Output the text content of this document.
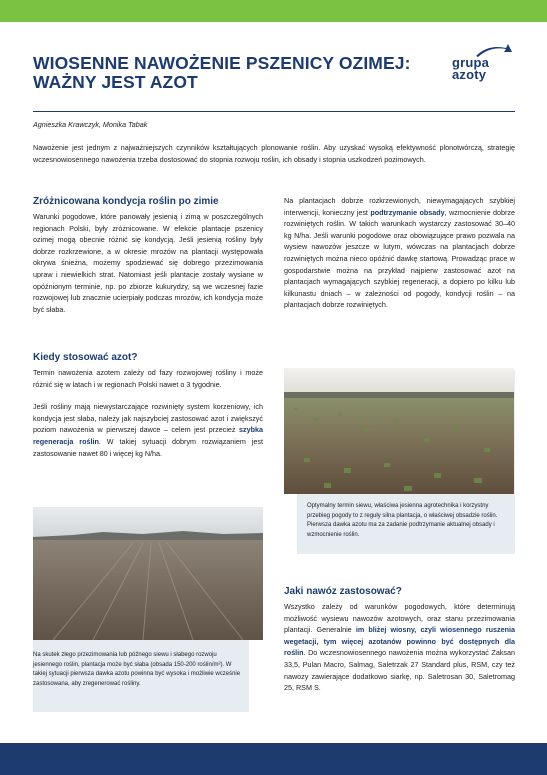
WIOSENNE NAWOŻENIE PSZENICY OZIMEJ:
WAŻNY JEST AZOT
grupa
azoty
Agnieszka Krawczyk, Monika Tabak

Nawożenie jest jednym z najważniejszych czynników kształtujących plonowanie roślin. Aby uzyskać wysoką efektywność plonotwórczą, strategię wczesnowiosennego nawożenia trzeba dostosować do stopnia rozwoju roślin, ich obsady i stopnia uszkodzeń pozimowych.

Zróżnicowana kondycja roślin po zimie

Warunki pogodowe, które panowały jesienią i zimą w poszczególnych regionach Polski, były zróżnicowane. W efekcie plantacje pszenicy ozimej mogą obecnie różnić się kondycją. Jeśli jesienią rośliny były dobrze rozkrzewione, a w okresie mrozów na plantacji występowała okrywa śnieżna, możemy spodziewać się dobrego przezimowania upraw i niewielkich strat. Natomiast jeśli plantacje zostały wysiane w opóźnionym terminie, np. po zbiorze kukurydzy, są we wczesnej fazie rozwojowej lub znacznie ucierpiały podczas mrozów, ich kondycja może być słaba.

Kiedy stosować azot?

Termin nawożenia azotem zależy od fazy rozwojowej rośliny i może różnić się w latach i w regionach Polski nawet o 3 tygodnie.

Jeśli rośliny mają niewystarczające rozwinięty system korzeniowy, ich kondycja jest słaba, należy jak najszybciej zastosować azot i zwiększyć poziom nawożenia w pierwszej dawce – celem jest przecież szybka regeneracja roślin. W takiej sytuacji dobrym rozwiązaniem jest zastosowanie nawet 80 i więcej kg N/ha.

Na plantacjach dobrze rozkrzewionych, niewymagających szybkiej interwencji, konieczny jest podtrzymanie obsady, wzmocnienie dobrze rozwiniętych roślin. W takich warunkach wystarczy zastosować 30–40 kg N/ha. Jeśli warunki pogodowe oraz obowiązujące prawo pozwala na wysiew nawozów jeszcze w lutym, wówczas na plantacjach dobrze rozwiniętych można nieco opóźnić dawkę startową. Prowadząc prace w gospodarstwie można na przykład najpierw zastosować azot na plantacjach wymagających szybkiej regeneracji, a dopiero po kilku lub kilkunastu dniach – w zależności od pogody, kondycji roślin – na plantacjach dobrze rozwiniętych.

Optymalny termin siewu, właściwa jesienna agrotechnika i korzystny przebieg pogody to z reguły silna plantacja, o właściwej obsadzie roślin. Pierwsza dawka azotu ma za zadanie podtrzymanie aktualnej obsady i wzmocnienie roślin.
Na skutek złego przezimowania lub późnego siewu i słabego rozwoju jesiennego roślin, plantacja może być słaba (obsada 150-200 roślin/m²). W takiej sytuacji pierwsza dawka azotu powinna być wysoka i możliwie wcześnie zastosowana, aby zregenerować rośliny.
Jaki nawóz zastosować?

Wszystko zależy od warunków pogodowych, które determinują możliwość wysiewu nawozów azotowych, oraz stanu przezimowania plantacji. Generalnie im bliżej wiosny, czyli wiosennego ruszenia wegetacji, tym więcej azotanów powinno być dostępnych dla roślin. Do wczesnowiosennego nawożenia można wykorzystać Zaksan 33,5, Pulan Macro, Salmag, Saletrzak 27 Standard plus, RSM, czy też nawozy zawierające dodatkowo siarkę, np. Saletrosan 30, Saletromag 25, RSM S.
